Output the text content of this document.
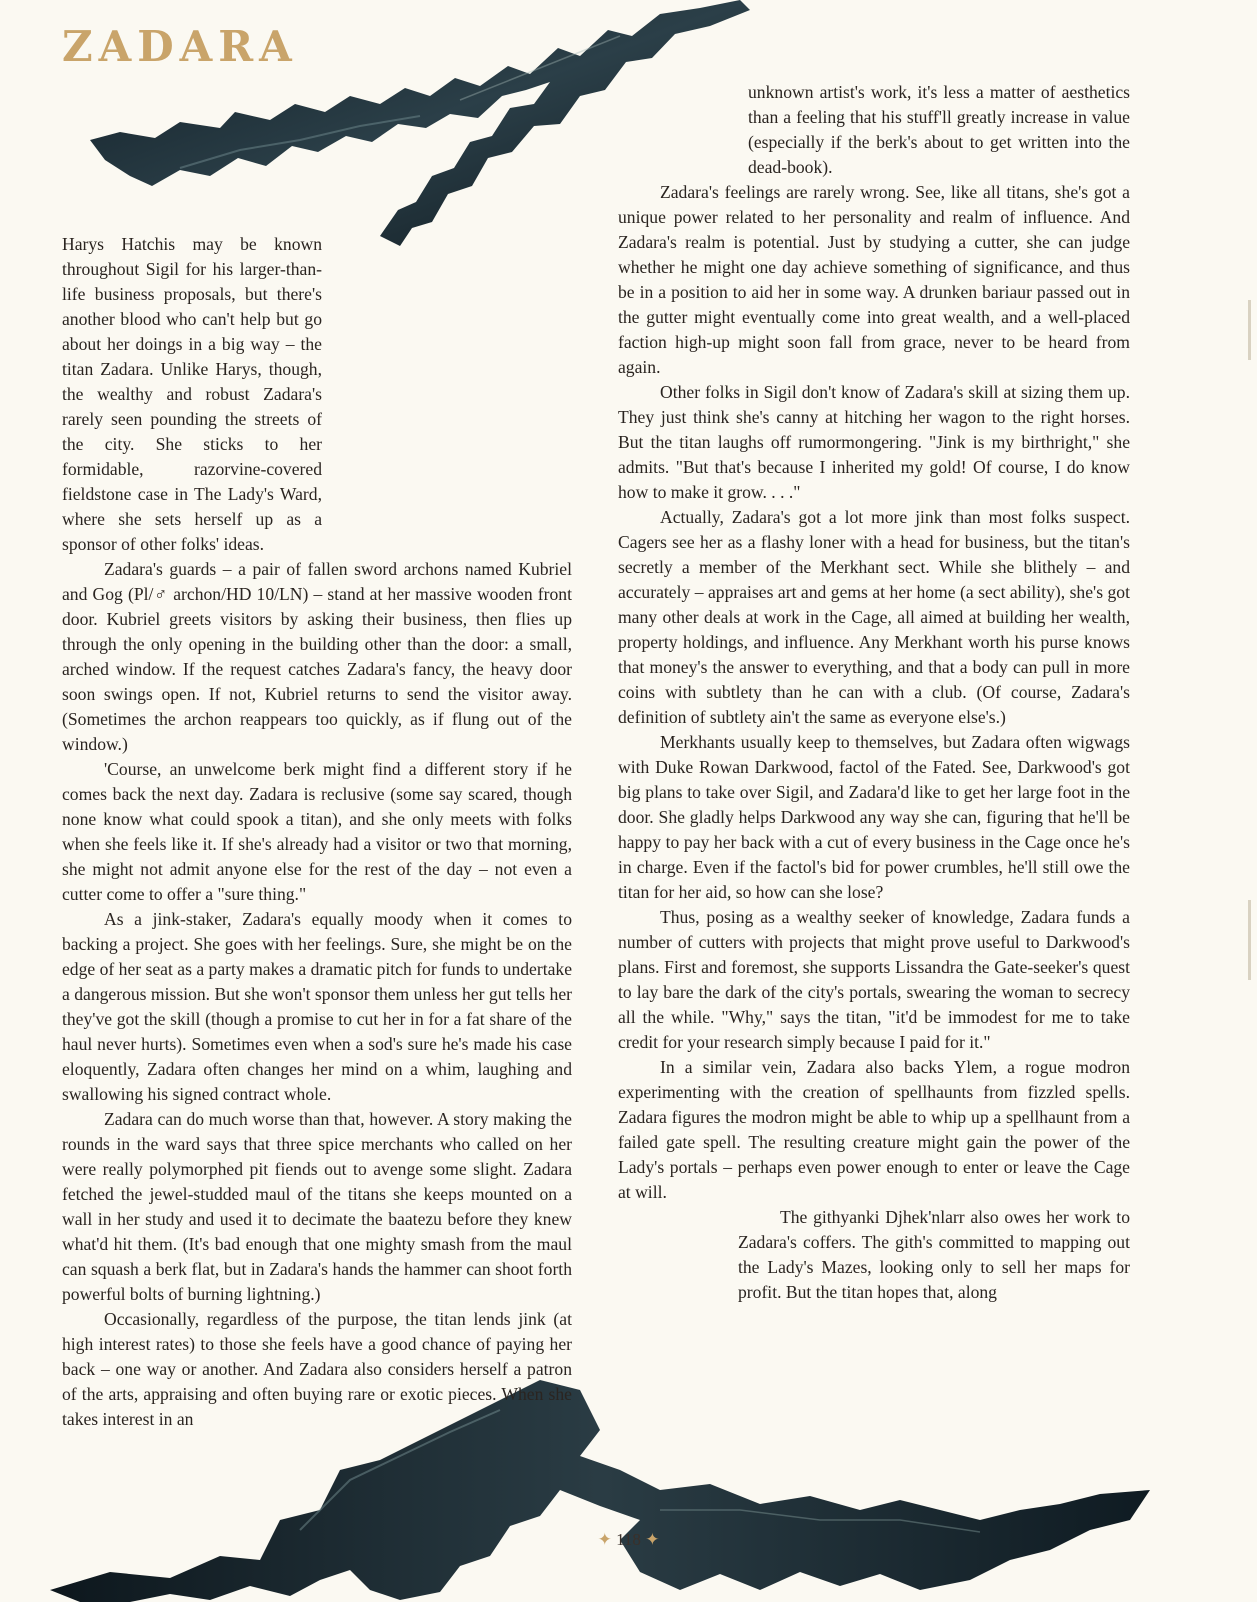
ZADARA

Harys Hatchis may be known throughout Sigil for his larger-than-life business proposals, but there's another blood who can't help but go about her doings in a big way – the titan Zadara. Unlike Harys, though, the wealthy and robust Zadara's rarely seen pounding the streets of the city. She sticks to her formidable, razorvine-covered fieldstone case in The Lady's Ward, where she sets herself up as a sponsor of other folks' ideas.

Zadara's guards – a pair of fallen sword archons named Kubriel and Gog (Pl/♂ archon/HD 10/LN) – stand at her massive wooden front door. Kubriel greets visitors by asking their business, then flies up through the only opening in the building other than the door: a small, arched window. If the request catches Zadara's fancy, the heavy door soon swings open. If not, Kubriel returns to send the visitor away. (Sometimes the archon reappears too quickly, as if flung out of the window.)

'Course, an unwelcome berk might find a different story if he comes back the next day. Zadara is reclusive (some say scared, though none know what could spook a titan), and she only meets with folks when she feels like it. If she's already had a visitor or two that morning, she might not admit anyone else for the rest of the day – not even a cutter come to offer a "sure thing."

As a jink-staker, Zadara's equally moody when it comes to backing a project. She goes with her feelings. Sure, she might be on the edge of her seat as a party makes a dramatic pitch for funds to undertake a dangerous mission. But she won't sponsor them unless her gut tells her they've got the skill (though a promise to cut her in for a fat share of the haul never hurts). Sometimes even when a sod's sure he's made his case eloquently, Zadara often changes her mind on a whim, laughing and swallowing his signed contract whole.

Zadara can do much worse than that, however. A story making the rounds in the ward says that three spice merchants who called on her were really polymorphed pit fiends out to avenge some slight. Zadara fetched the jewel-studded maul of the titans she keeps mounted on a wall in her study and used it to decimate the baatezu before they knew what'd hit them. (It's bad enough that one mighty smash from the maul can squash a berk flat, but in Zadara's hands the hammer can shoot forth powerful bolts of burning lightning.)

Occasionally, regardless of the purpose, the titan lends jink (at high interest rates) to those she feels have a good chance of paying her back – one way or another. And Zadara also considers herself a patron of the arts, appraising and often buying rare or exotic pieces. When she takes interest in an

unknown artist's work, it's less a matter of aesthetics than a feeling that his stuff'll greatly increase in value (especially if the berk's about to get written into the dead-book).

Zadara's feelings are rarely wrong. See, like all titans, she's got a unique power related to her personality and realm of influence. And Zadara's realm is potential. Just by studying a cutter, she can judge whether he might one day achieve something of significance, and thus be in a position to aid her in some way. A drunken bariaur passed out in the gutter might eventually come into great wealth, and a well-placed faction high-up might soon fall from grace, never to be heard from again.

Other folks in Sigil don't know of Zadara's skill at sizing them up. They just think she's canny at hitching her wagon to the right horses. But the titan laughs off rumormongering. "Jink is my birthright," she admits. "But that's because I inherited my gold! Of course, I do know how to make it grow. . . ."

Actually, Zadara's got a lot more jink than most folks suspect. Cagers see her as a flashy loner with a head for business, but the titan's secretly a member of the Merkhant sect. While she blithely – and accurately – appraises art and gems at her home (a sect ability), she's got many other deals at work in the Cage, all aimed at building her wealth, property holdings, and influence. Any Merkhant worth his purse knows that money's the answer to everything, and that a body can pull in more coins with subtlety than he can with a club. (Of course, Zadara's definition of subtlety ain't the same as everyone else's.)

Merkhants usually keep to themselves, but Zadara often wigwags with Duke Rowan Darkwood, factol of the Fated. See, Darkwood's got big plans to take over Sigil, and Zadara'd like to get her large foot in the door. She gladly helps Darkwood any way she can, figuring that he'll be happy to pay her back with a cut of every business in the Cage once he's in charge. Even if the factol's bid for power crumbles, he'll still owe the titan for her aid, so how can she lose?

Thus, posing as a wealthy seeker of knowledge, Zadara funds a number of cutters with projects that might prove useful to Darkwood's plans. First and foremost, she supports Lissandra the Gate-seeker's quest to lay bare the dark of the city's portals, swearing the woman to secrecy all the while. "Why," says the titan, "it'd be immodest for me to take credit for your research simply because I paid for it."

In a similar vein, Zadara also backs Ylem, a rogue modron experimenting with the creation of spellhaunts from fizzled spells. Zadara figures the modron might be able to whip up a spellhaunt from a failed gate spell. The resulting creature might gain the power of the Lady's portals – perhaps even power enough to enter or leave the Cage at will.

The githyanki Djhek'nlarr also owes her work to Zadara's coffers. The gith's committed to mapping out the Lady's Mazes, looking only to sell her maps for profit. But the titan hopes that, along

✦ 118 ✦
